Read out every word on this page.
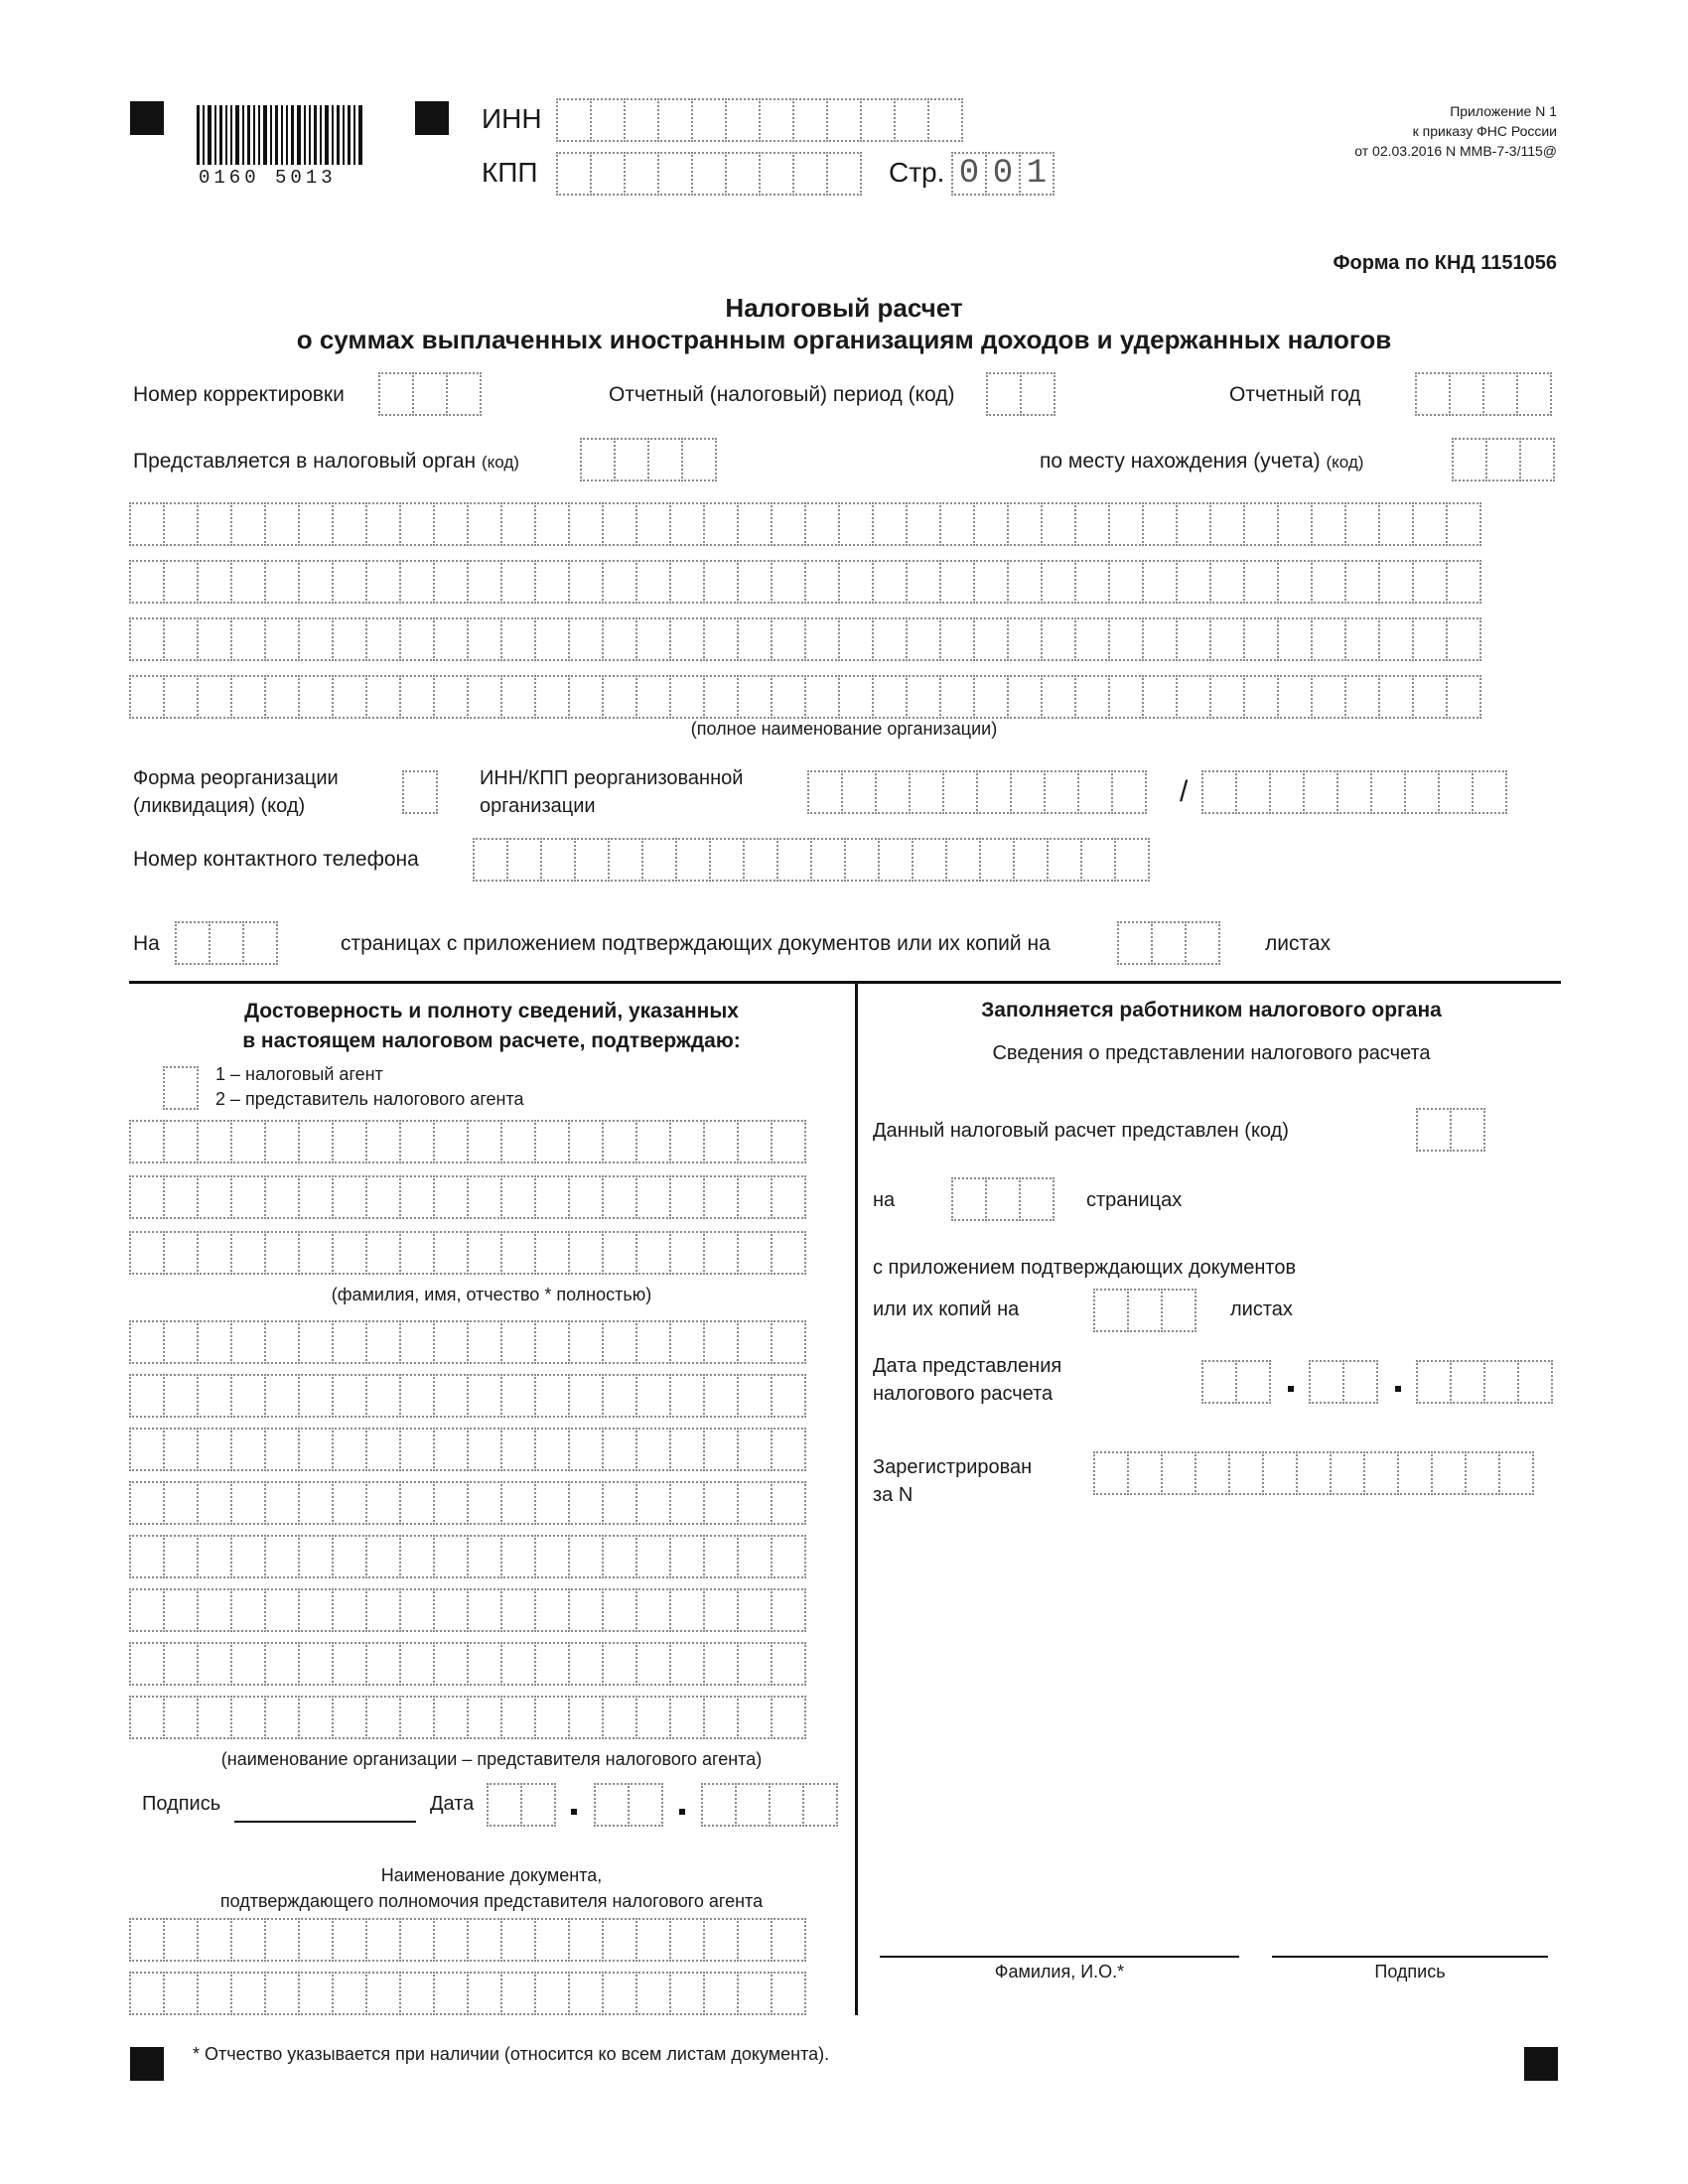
0160 5013
ИНН
КПП	Стр. 0 0 1
Приложение N 1
к приказу ФНС России
от 02.03.2016 N ММВ-7-3/115@
Форма по КНД 1151056
Налоговый расчет
о суммах выплаченных иностранным организациям доходов и удержанных налогов
Номер корректировки	Отчетный (налоговый) период (код)	Отчетный год
Представляется в налоговый орган (код)	по месту нахождения (учета) (код)
(полное наименование организации)
Форма реорганизации
(ликвидация) (код)
ИНН/КПП реорганизованной
организации	/
Номер контактного телефона
На	страницах с приложением подтверждающих документов или их копий на	листах
Достоверность и полноту сведений, указанных
в настоящем налоговом расчете, подтверждаю:
1 – налоговый агент
2 – представитель налогового агента
(фамилия, имя, отчество * полностью)
(наименование организации – представителя налогового агента)
Подпись	Дата
Наименование документа,
подтверждающего полномочия представителя налогового агента
Заполняется работником налогового органа
Сведения о представлении налогового расчета
Данный налоговый расчет представлен (код)
на	страницах
с приложением подтверждающих документов
или их копий на	листах
Дата представления
налогового расчета
Зарегистрирован
за N
Фамилия, И.О.*	Подпись
* Отчество указывается при наличии (относится ко всем листам документа).
